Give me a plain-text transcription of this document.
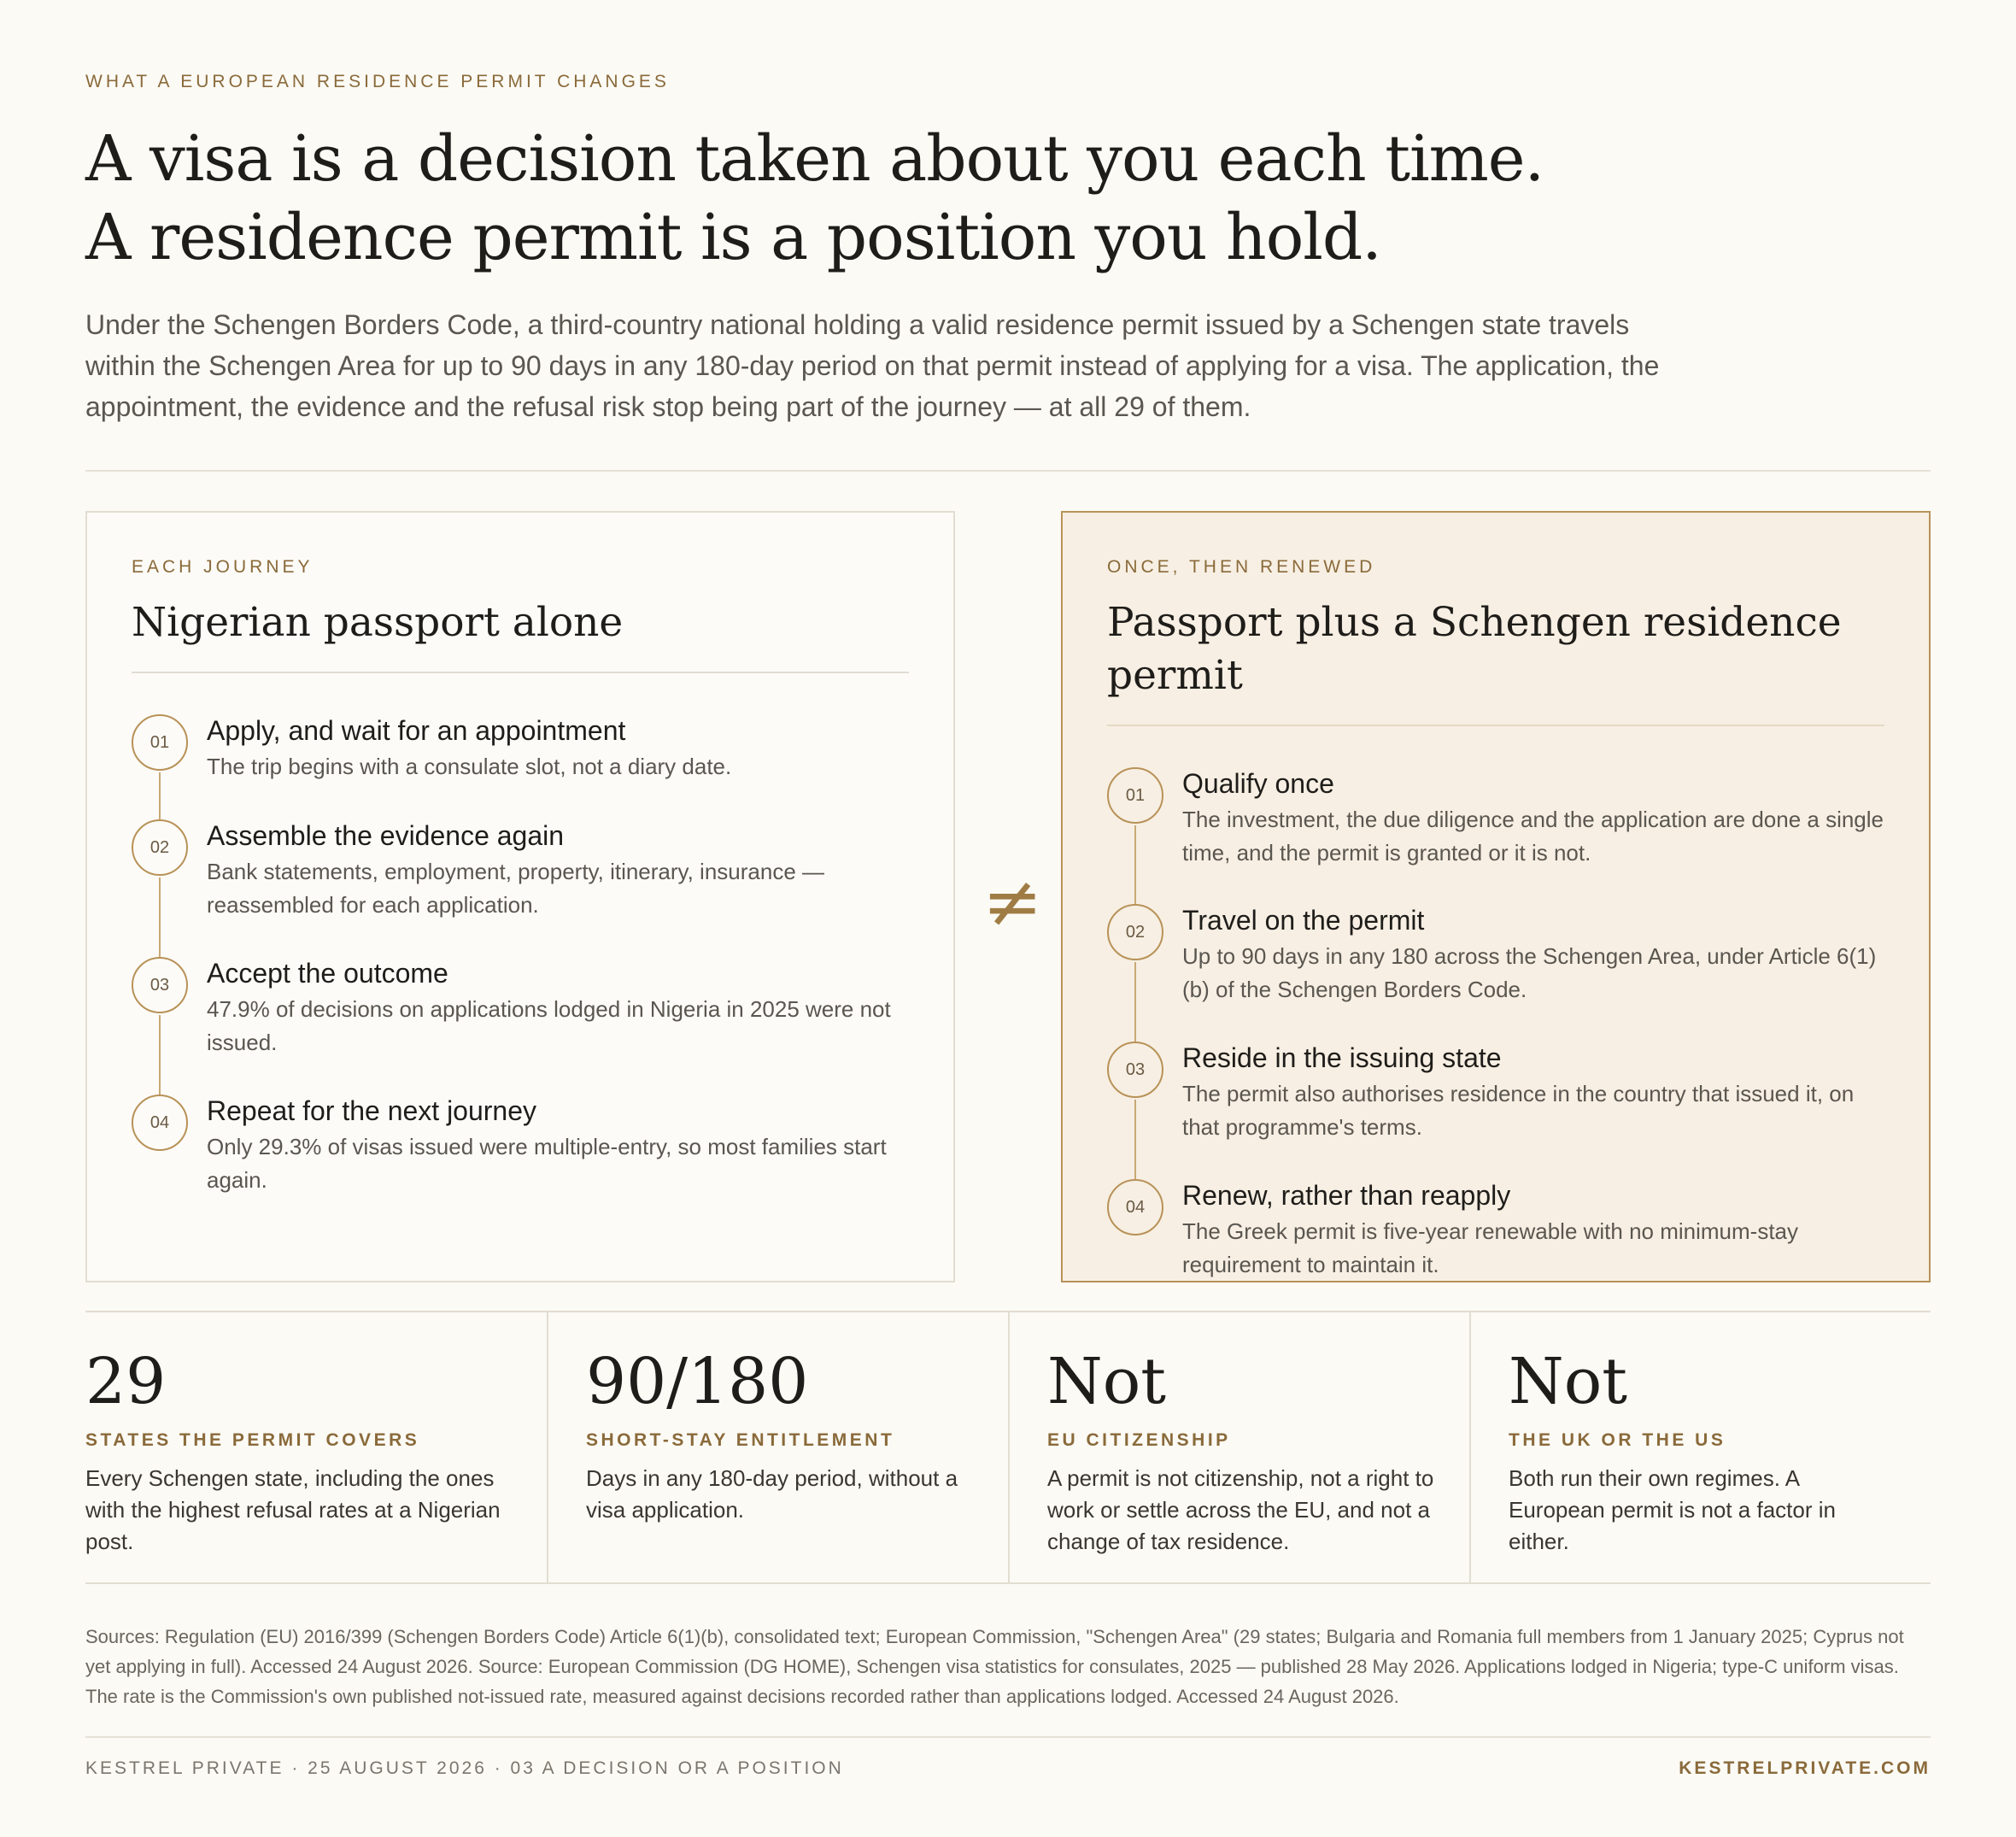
WHAT A EUROPEAN RESIDENCE PERMIT CHANGES
A visa is a decision taken about you each time.
A residence permit is a position you hold.

Under the Schengen Borders Code, a third-country national holding a valid residence permit issued by a Schengen state travels within the Schengen Area for up to 90 days in any 180-day period on that permit instead of applying for a visa. The application, the appointment, the evidence and the refusal risk stop being part of the journey — at all 29 of them.

EACH JOURNEY
Nigerian passport alone
01	Apply, and wait for an appointment
The trip begins with a consulate slot, not a diary date.
02	Assemble the evidence again
Bank statements, employment, property, itinerary, insurance — reassembled for each application.
03	Accept the outcome
47.9% of decisions on applications lodged in Nigeria in 2025 were not issued.
04	Repeat for the next journey
Only 29.3% of visas issued were multiple-entry, so most families start again.
≠
ONCE, THEN RENEWED
Passport plus a Schengen residence permit
01	Qualify once
The investment, the due diligence and the application are done a single time, and the permit is granted or it is not.
02	Travel on the permit
Up to 90 days in any 180 across the Schengen Area, under Article 6(1)(b) of the Schengen Borders Code.
03	Reside in the issuing state
The permit also authorises residence in the country that issued it, on that programme's terms.
04	Renew, rather than reapply
The Greek permit is five-year renewable with no minimum-stay requirement to maintain it.
29
STATES THE PERMIT COVERS
Every Schengen state, including the ones with the highest refusal rates at a Nigerian post.
90/180
SHORT-STAY ENTITLEMENT
Days in any 180-day period, without a visa application.
Not
EU CITIZENSHIP
A permit is not citizenship, not a right to work or settle across the EU, and not a change of tax residence.
Not
THE UK OR THE US
Both run their own regimes. A European permit is not a factor in either.

Sources: Regulation (EU) 2016/399 (Schengen Borders Code) Article 6(1)(b), consolidated text; European Commission, "Schengen Area" (29 states; Bulgaria and Romania full members from 1 January 2025; Cyprus not yet applying in full). Accessed 24 August 2026. Source: European Commission (DG HOME), Schengen visa statistics for consulates, 2025 — published 28 May 2026. Applications lodged in Nigeria; type-C uniform visas. The rate is the Commission's own published not-issued rate, measured against decisions recorded rather than applications lodged. Accessed 24 August 2026.

KESTREL PRIVATE · 25 AUGUST 2026 · 03 A DECISION OR A POSITION	KESTRELPRIVATE.COM
